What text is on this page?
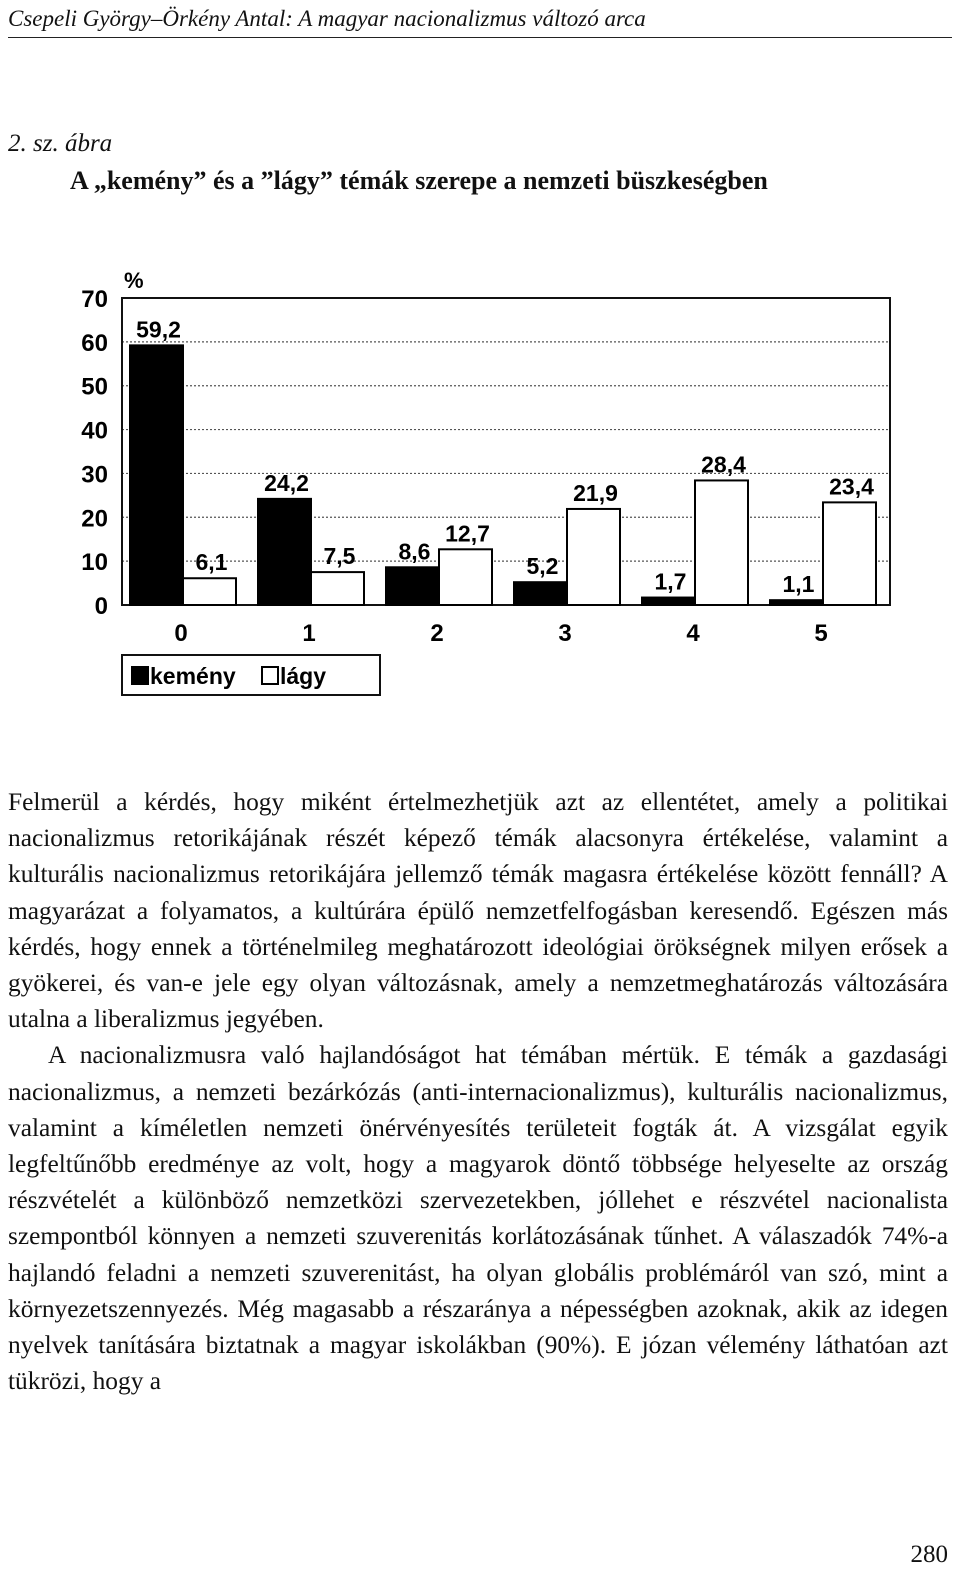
Csepeli György–Örkény Antal: A magyar nacionalizmus változó arca
2. sz. ábra
A „kemény” és a ”lágy” témák szerepe a nemzeti büszkeségben
0
10
20
30
40
50
60
70
%
59,2
6,1
0
24,2
7,5
1
8,6
12,7
2
5,2
21,9
3
1,7
28,4
4
1,1
23,4
5
kemény lágy

Felmerül a kérdés, hogy miként értelmezhetjük azt az ellentétet, amely a politikai nacionalizmus retorikájának részét képező témák alacsonyra értékelése, valamint a kulturális nacionalizmus retorikájára jellemző témák magasra értékelése között fennáll? A magyarázat a folyamatos, a kultúrára épülő nemzetfelfogásban keresendő. Egészen más kérdés, hogy ennek a történelmileg meghatározott ideológiai örökségnek milyen erősek a gyökerei, és van-e jele egy olyan változásnak, amely a nemzetmeghatározás változására utalna a liberalizmus jegyében.

A nacionalizmusra való hajlandóságot hat témában mértük. E témák a gazdasági nacionalizmus, a nemzeti bezárkózás (anti-internacionalizmus), kulturális nacionalizmus, valamint a kíméletlen nemzeti önérvényesítés területeit fogták át. A vizsgálat egyik legfeltűnőbb eredménye az volt, hogy a magyarok döntő többsége helyeselte az ország részvételét a különböző nemzetközi szervezetekben, jóllehet e részvétel nacionalista szempontból könnyen a nemzeti szuverenitás korlátozásának tűnhet. A válaszadók 74%-a hajlandó feladni a nemzeti szuverenitást, ha olyan globális problémáról van szó, mint a környezetszennyezés. Még magasabb a részaránya a népességben azoknak, akik az idegen nyelvek tanítására biztatnak a magyar iskolákban (90%). E józan vélemény láthatóan azt tükrözi, hogy a

280
